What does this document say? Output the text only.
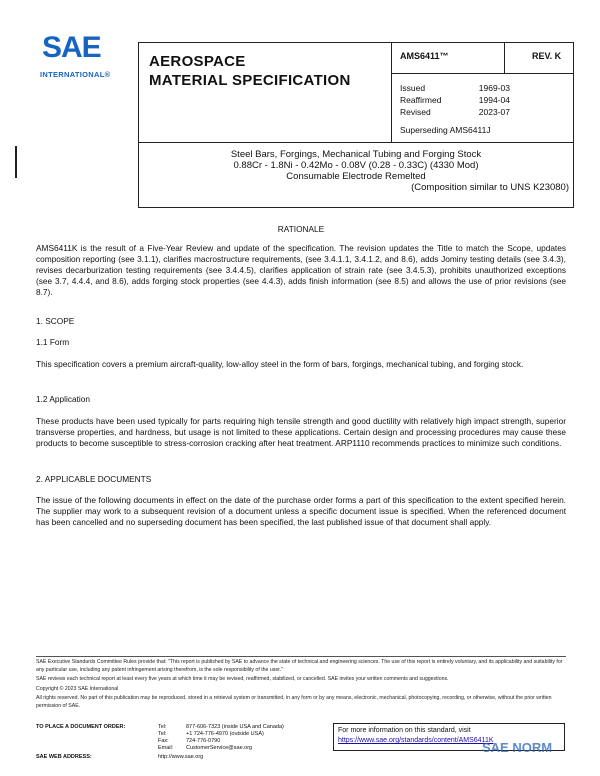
SAE
INTERNATIONAL®
AEROSPACE
MATERIAL SPECIFICATION
AMS6411™	REV. K
Issued	1969-03
Reaffirmed	1994-04
Revised	2023-07
Superseding AMS6411J
Steel Bars, Forgings, Mechanical Tubing and Forging Stock
0.88Cr - 1.8Ni - 0.42Mo - 0.08V (0.28 - 0.33C) (4330 Mod)
Consumable Electrode Remelted
(Composition similar to UNS K23080)
RATIONALE
AMS6411K is the result of a Five-Year Review and update of the specification. The revision updates the Title to match the Scope, updates composition reporting (see 3.1.1), clarifies macrostructure requirements, (see 3.4.1.1, 3.4.1.2, and 8.6), adds Jominy testing details (see 3.4.3), revises decarburization testing requirements (see 3.4.4.5), clarifies application of strain rate (see 3.4.5.3), prohibits unauthorized exceptions (see 3.7, 4.4.4, and 8.6), adds forging stock properties (see 4.4.3), adds finish information (see 8.5) and allows the use of prior revisions (see 8.7).
1. SCOPE
1.1 Form
This specification covers a premium aircraft-quality, low-alloy steel in the form of bars, forgings, mechanical tubing, and forging stock.
1.2 Application
These products have been used typically for parts requiring high tensile strength and good ductility with relatively high impact strength, superior transverse properties, and hardness, but usage is not limited to these applications. Certain design and processing procedures may cause these products to become susceptible to stress-corrosion cracking after heat treatment. ARP1110 recommends practices to minimize such conditions.
2. APPLICABLE DOCUMENTS
The issue of the following documents in effect on the date of the purchase order forms a part of this specification to the extent specified herein. The supplier may work to a subsequent revision of a document unless a specific document issue is specified. When the referenced document has been cancelled and no superseding document has been specified, the last published issue of that document shall apply.
SAE Executive Standards Committee Rules provide that: "This report is published by SAE to advance the state of technical and engineering sciences. The use of this report is entirely voluntary, and its applicability and suitability for any particular use, including any patent infringement arising therefrom, is the sole responsibility of the user."
SAE reviews each technical report at least every five years at which time it may be revised, reaffirmed, stabilized, or cancelled. SAE invites your written comments and suggestions.
Copyright © 2023 SAE International
All rights reserved. No part of this publication may be reproduced, stored in a retrieval system or transmitted, in any form or by any means, electronic, mechanical, photocopying, recording, or otherwise, without the prior written permission of SAE.
TO PLACE A DOCUMENT ORDER:	Tel:	877-606-7323 (inside USA and Canada)
Tel:	+1 724-776-4970 (outside USA)
Fax:	724-776-0790
Email: CustomerService@sae.org
SAE WEB ADDRESS:	http://www.sae.org
For more information on this standard, visit
https://www.sae.org/standards/content/AMS6411K
SAE NORM
